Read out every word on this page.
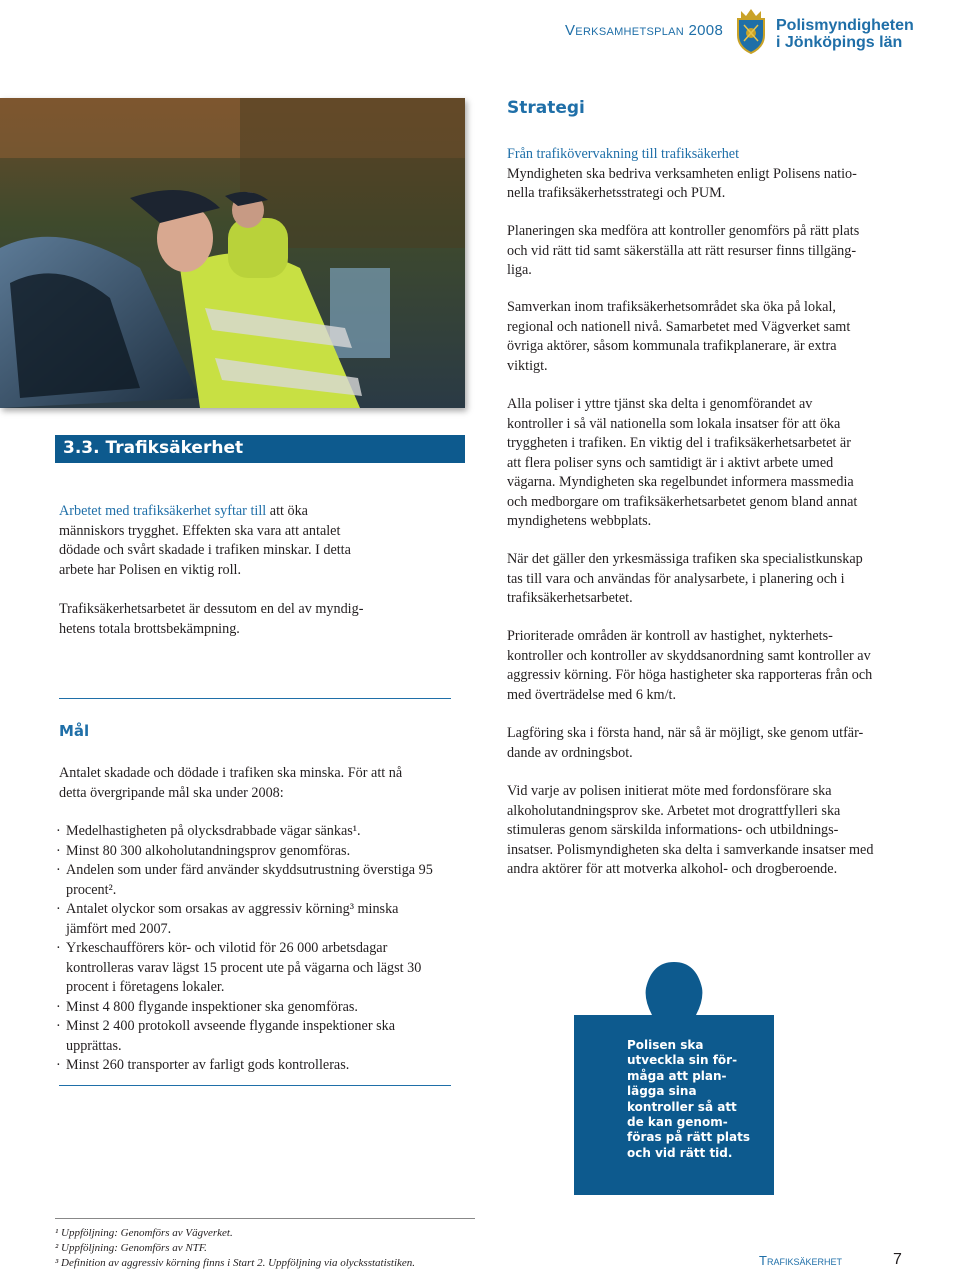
Verksamhetsplan 2008	Polismyndigheten
i Jönköpings län
Strategi
Från trafikövervakning till trafiksäkerhet
Myndigheten ska bedriva verksamheten enligt Polisens natio-
nella trafiksäkerhetsstrategi och PUM.
Planeringen ska medföra att kontroller genomförs på rätt plats
och vid rätt tid samt säkerställa att rätt resurser finns tillgäng-
liga.
Samverkan inom trafiksäkerhetsområdet ska öka på lokal,
regional och nationell nivå. Samarbetet med Vägverket samt
övriga aktörer, såsom kommunala trafikplanerare, är extra
viktigt.
Alla poliser i yttre tjänst ska delta i genomförandet av
kontroller i så väl nationella som lokala insatser för att öka
tryggheten i trafiken. En viktig del i trafiksäkerhetsarbetet är
att flera poliser syns och samtidigt är i aktivt arbete umed
vägarna. Myndigheten ska regelbundet informera massmedia
och medborgare om trafiksäkerhetsarbetet genom bland annat
myndighetens webbplats.
När det gäller den yrkesmässiga trafiken ska specialistkunskap
tas till vara och användas för analysarbete, i planering och i
trafiksäkerhetsarbetet.
Prioriterade områden är kontroll av hastighet, nykterhets-
kontroller och kontroller av skyddsanordning samt kontroller av
aggressiv körning. För höga hastigheter ska rapporteras från och
med överträdelse med 6 km/t.
Lagföring ska i första hand, när så är möjligt, ske genom utfär-
dande av ordningsbot.
Vid varje av polisen initierat möte med fordonsförare ska
alkoholutandningsprov ske. Arbetet mot drograttfylleri ska
stimuleras genom särskilda informations- och utbildnings-
insatser. Polismyndigheten ska delta i samverkande insatser med
andra aktörer för att motverka alkohol- och drogberoende.
3.3. Trafiksäkerhet
Arbetet med trafiksäkerhet syftar till att öka
människors trygghet. Effekten ska vara att antalet
dödade och svårt skadade i trafiken minskar. I detta
arbete har Polisen en viktig roll.
Trafiksäkerhetsarbetet är dessutom en del av myndig-
hetens totala brottsbekämpning.
Mål
Antalet skadade och dödade i trafiken ska minska. För att nå
detta övergripande mål ska under 2008:
· Medelhastigheten på olycksdrabbade vägar sänkas¹.
· Minst 80 300 alkoholutandningsprov genomföras.
· Andelen som under färd använder skyddsutrustning överstiga 95 procent².
· Antalet olyckor som orsakas av aggressiv körning³ minska jämfört med 2007.
· Yrkeschaufförers kör- och vilotid för 26 000 arbetsdagar kontrolleras varav lägst 15 procent ute på vägarna och lägst 30 procent i företagens lokaler.
· Minst 4 800 flygande inspektioner ska genomföras.
· Minst 2 400 protokoll avseende flygande inspektioner ska upprättas.
· Minst 260 transporter av farligt gods kontrolleras.
Polisen ska
utveckla sin för-
måga att plan-
lägga sina
kontroller så att
de kan genom-
föras på rätt plats
och vid rätt tid.
¹ Uppföljning: Genomförs av Vägverket.
² Uppföljning: Genomförs av NTF.
³ Definition av aggressiv körning finns i Start 2. Uppföljning via olycksstatistiken.	Trafiksäkerhet	7
